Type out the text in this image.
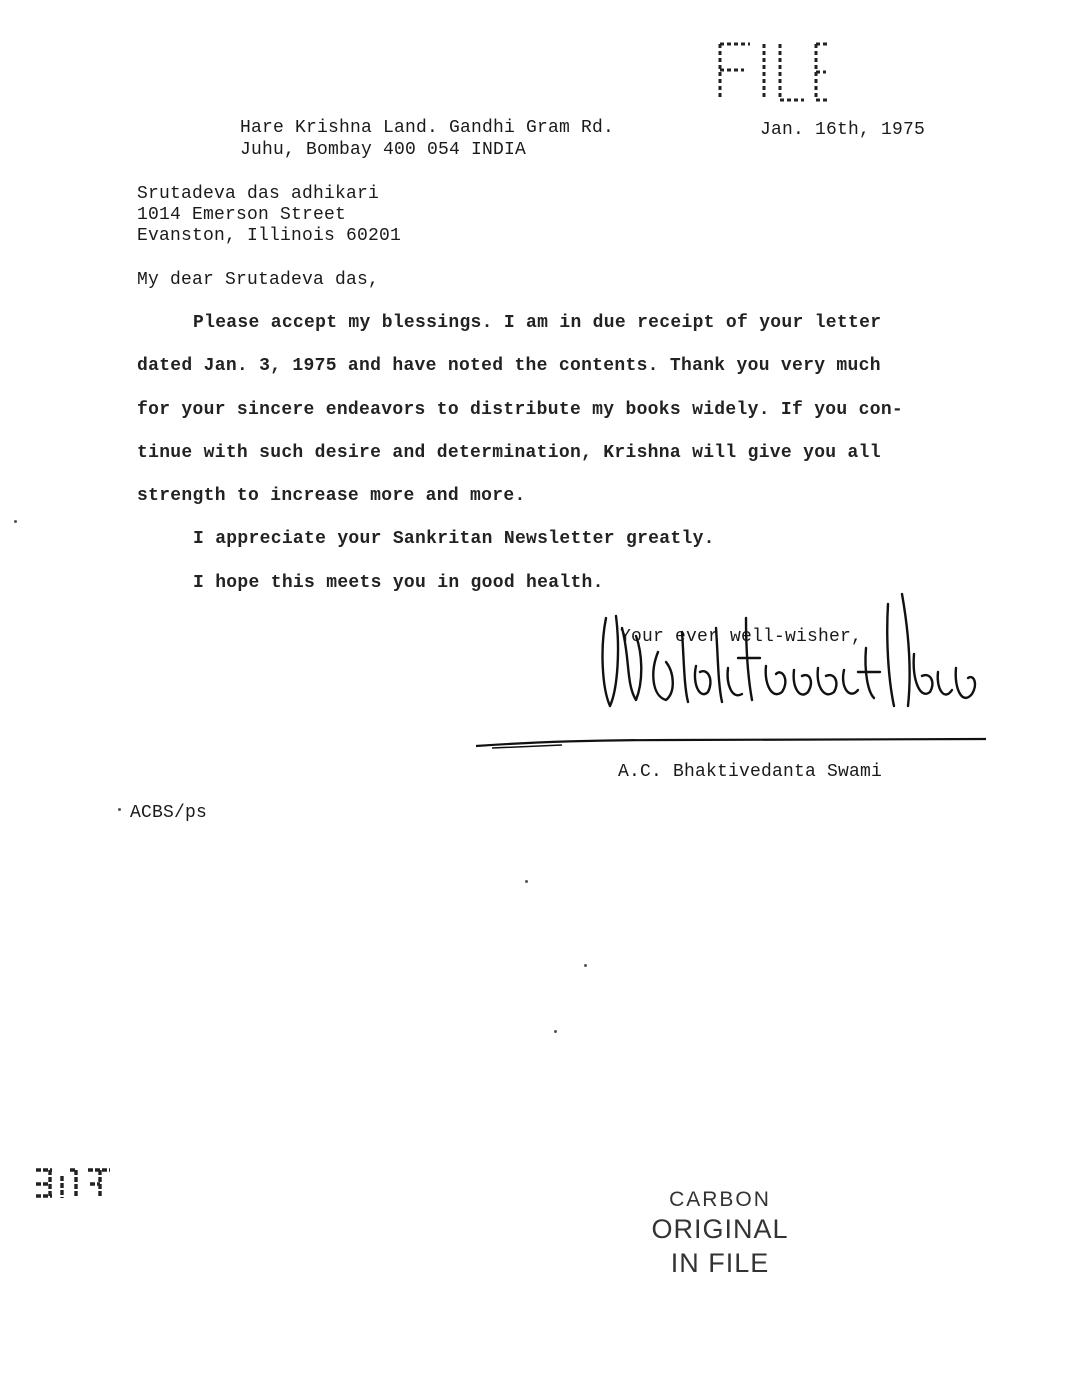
FILE
Hare Krishna Land. Gandhi Gram Rd.
Juhu, Bombay 400 054 INDIA
Jan. 16th, 1975
Srutadeva das adhikari
1014 Emerson Street
Evanston, Illinois 60201
My dear Srutadeva das,
Please accept my blessings. I am in due receipt of your letter
dated Jan. 3, 1975 and have noted the contents. Thank you very much
for your sincere endeavors to distribute my books widely. If you con-
tinue with such desire and determination, Krishna will give you all
strength to increase more and more.
I appreciate your Sankritan Newsletter greatly.
I hope this meets you in good health.
Your ever well-wisher,
A.C. Bhaktivedanta Swami
ACBS/ps
FILE
CARBON
ORIGINAL
IN FILE
